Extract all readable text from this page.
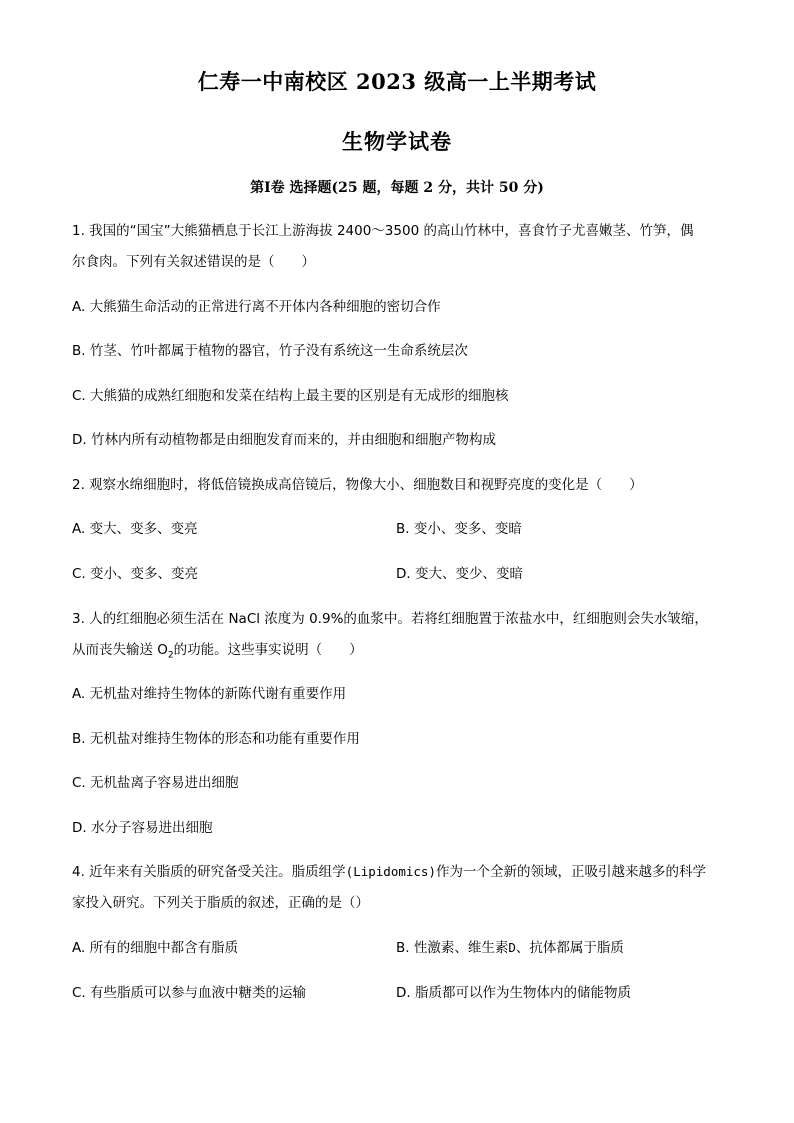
仁寿一中南校区 2023 级高一上半期考试
生物学试卷
第Ⅰ卷 选择题(25 题，每题 2 分，共计 50 分)
1. 我国的“国宝”大熊猫栖息于长江上游海拔 2400～3500 的高山竹林中，喜食竹子尤喜嫩茎、竹笋，偶
尔食肉。下列有关叙述错误的是（　　）
A. 大熊猫生命活动的正常进行离不开体内各种细胞的密切合作
B. 竹茎、竹叶都属于植物的器官，竹子没有系统这一生命系统层次
C. 大熊猫的成熟红细胞和发菜在结构上最主要的区别是有无成形的细胞核
D. 竹林内所有动植物都是由细胞发育而来的，并由细胞和细胞产物构成
2. 观察水绵细胞时，将低倍镜换成高倍镜后，物像大小、细胞数目和视野亮度的变化是（　　）
A. 变大、变多、变亮	B. 变小、变多、变暗
C. 变小、变多、变亮	D. 变大、变少、变暗
3. 人的红细胞必须生活在 NaCl 浓度为 0.9%的血浆中。若将红细胞置于浓盐水中，红细胞则会失水皱缩，
从而丧失输送 $O_2$的功能。这些事实说明（　　）
A. 无机盐对维持生物体的新陈代谢有重要作用
B. 无机盐对维持生物体的形态和功能有重要作用
C. 无机盐离子容易进出细胞
D. 水分子容易进出细胞
4. 近年来有关脂质的研究备受关注。脂质组学(Lipidomics)作为一个全新的领域，正吸引越来越多的科学
家投入研究。下列关于脂质的叙述，正确的是（）
A. 所有的细胞中都含有脂质	B. 性激素、维生素D、抗体都属于脂质
C. 有些脂质可以参与血液中糖类的运输	D. 脂质都可以作为生物体内的储能物质
